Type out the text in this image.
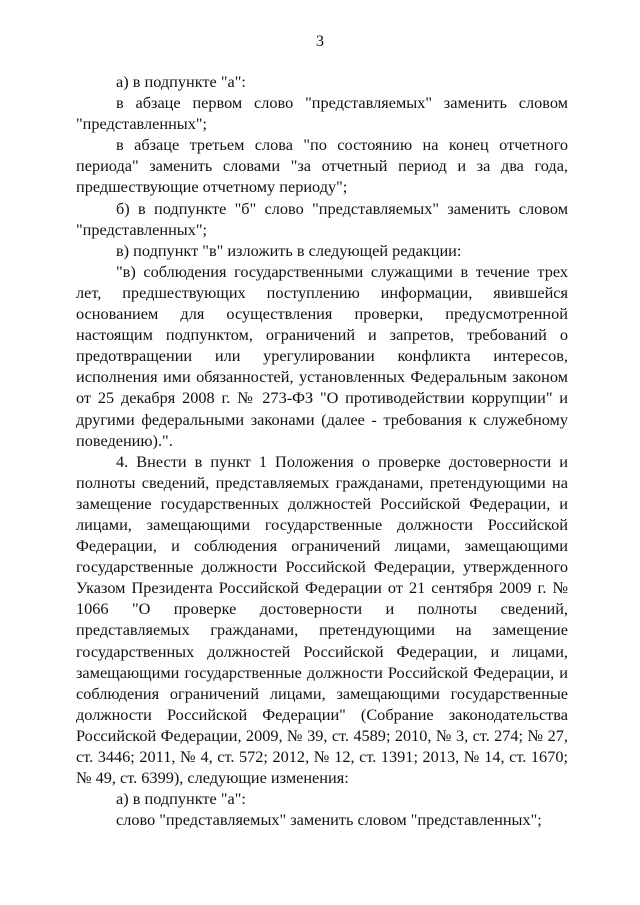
3

а) в подпункте "а":

в абзаце первом слово "представляемых" заменить словом "представленных";

в абзаце третьем слова "по состоянию на конец отчетного периода" заменить словами "за отчетный период и за два года, предшествующие отчетному периоду";

б) в подпункте "б" слово "представляемых" заменить словом "представленных";

в) подпункт "в" изложить в следующей редакции:

"в) соблюдения государственными служащими в течение трех лет, предшествующих поступлению информации, явившейся основанием для осуществления проверки, предусмотренной настоящим подпунктом, ограничений и запретов, требований о предотвращении или урегулировании конфликта интересов, исполнения ими обязанностей, установленных Федеральным законом от 25 декабря 2008 г. № 273-ФЗ "О противодействии коррупции" и другими федеральными законами (далее - требования к служебному поведению).".

4. Внести в пункт 1 Положения о проверке достоверности и полноты сведений, представляемых гражданами, претендующими на замещение государственных должностей Российской Федерации, и лицами, замещающими государственные должности Российской Федерации, и соблюдения ограничений лицами, замещающими государственные должности Российской Федерации, утвержденного Указом Президента Российской Федерации от 21 сентября 2009 г. № 1066 "О проверке достоверности и полноты сведений, представляемых гражданами, претендующими на замещение государственных должностей Российской Федерации, и лицами, замещающими государственные должности Российской Федерации, и соблюдения ограничений лицами, замещающими государственные должности Российской Федерации" (Собрание законодательства Российской Федерации, 2009, № 39, ст. 4589; 2010, № 3, ст. 274; № 27, ст. 3446; 2011, № 4, ст. 572; 2012, № 12, ст. 1391; 2013, № 14, ст. 1670; № 49, ст. 6399), следующие изменения:

а) в подпункте "а":

слово "представляемых" заменить словом "представленных";
